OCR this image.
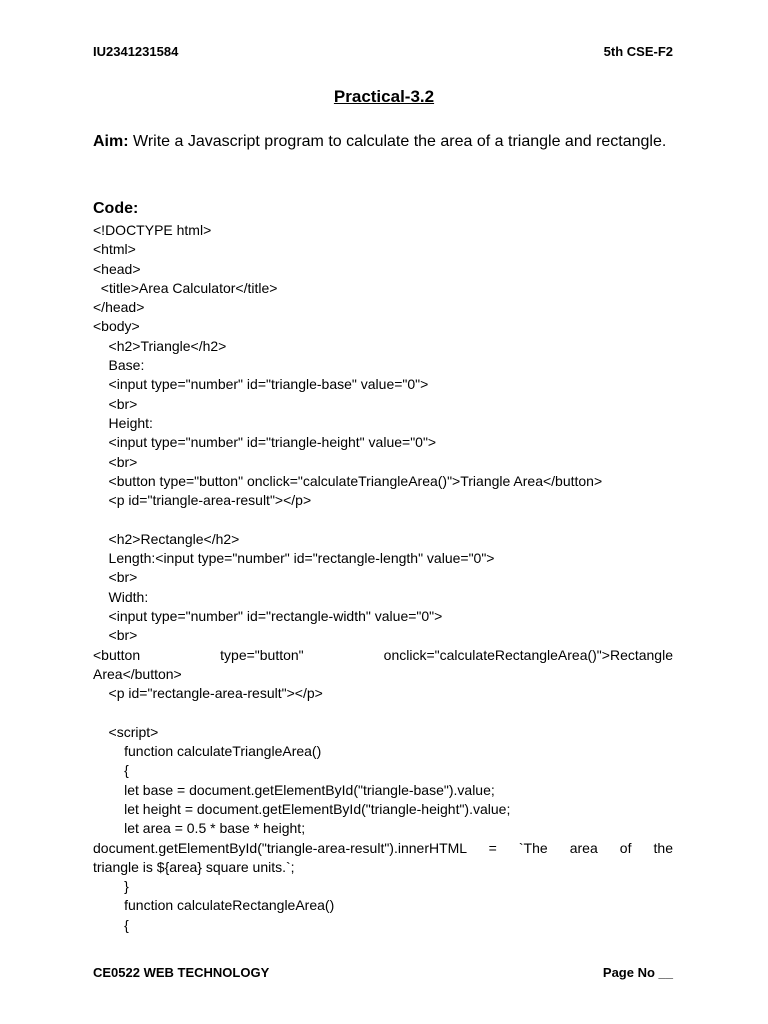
IU2341231584	5th CSE-F2
Practical-3.2
Aim: Write a Javascript program to calculate the area of a triangle and rectangle.
Code:
<!DOCTYPE html>
<html>
<head>
<title>Area Calculator</title>
</head>
<body>
<h2>Triangle</h2>
Base:
<input type="number" id="triangle-base" value="0">
<br>
Height:
<input type="number" id="triangle-height" value="0">
<br>
<button type="button" onclick="calculateTriangleArea()">Triangle Area</button>
<p id="triangle-area-result"></p>
<h2>Rectangle</h2>
Length:<input type="number" id="rectangle-length" value="0">
<br>
Width:
<input type="number" id="rectangle-width" value="0">
<br>
<button type="button" onclick="calculateRectangleArea()">Rectangle
Area</button>
<p id="rectangle-area-result"></p>
<script>
function calculateTriangleArea()
{
let base = document.getElementById("triangle-base").value;
let height = document.getElementById("triangle-height").value;
let area = 0.5 * base * height;
document.getElementById("triangle-area-result").innerHTML = `The area of the
triangle is ${area} square units.`;
}
function calculateRectangleArea()
{
CE0522 WEB TECHNOLOGY	Page No __
